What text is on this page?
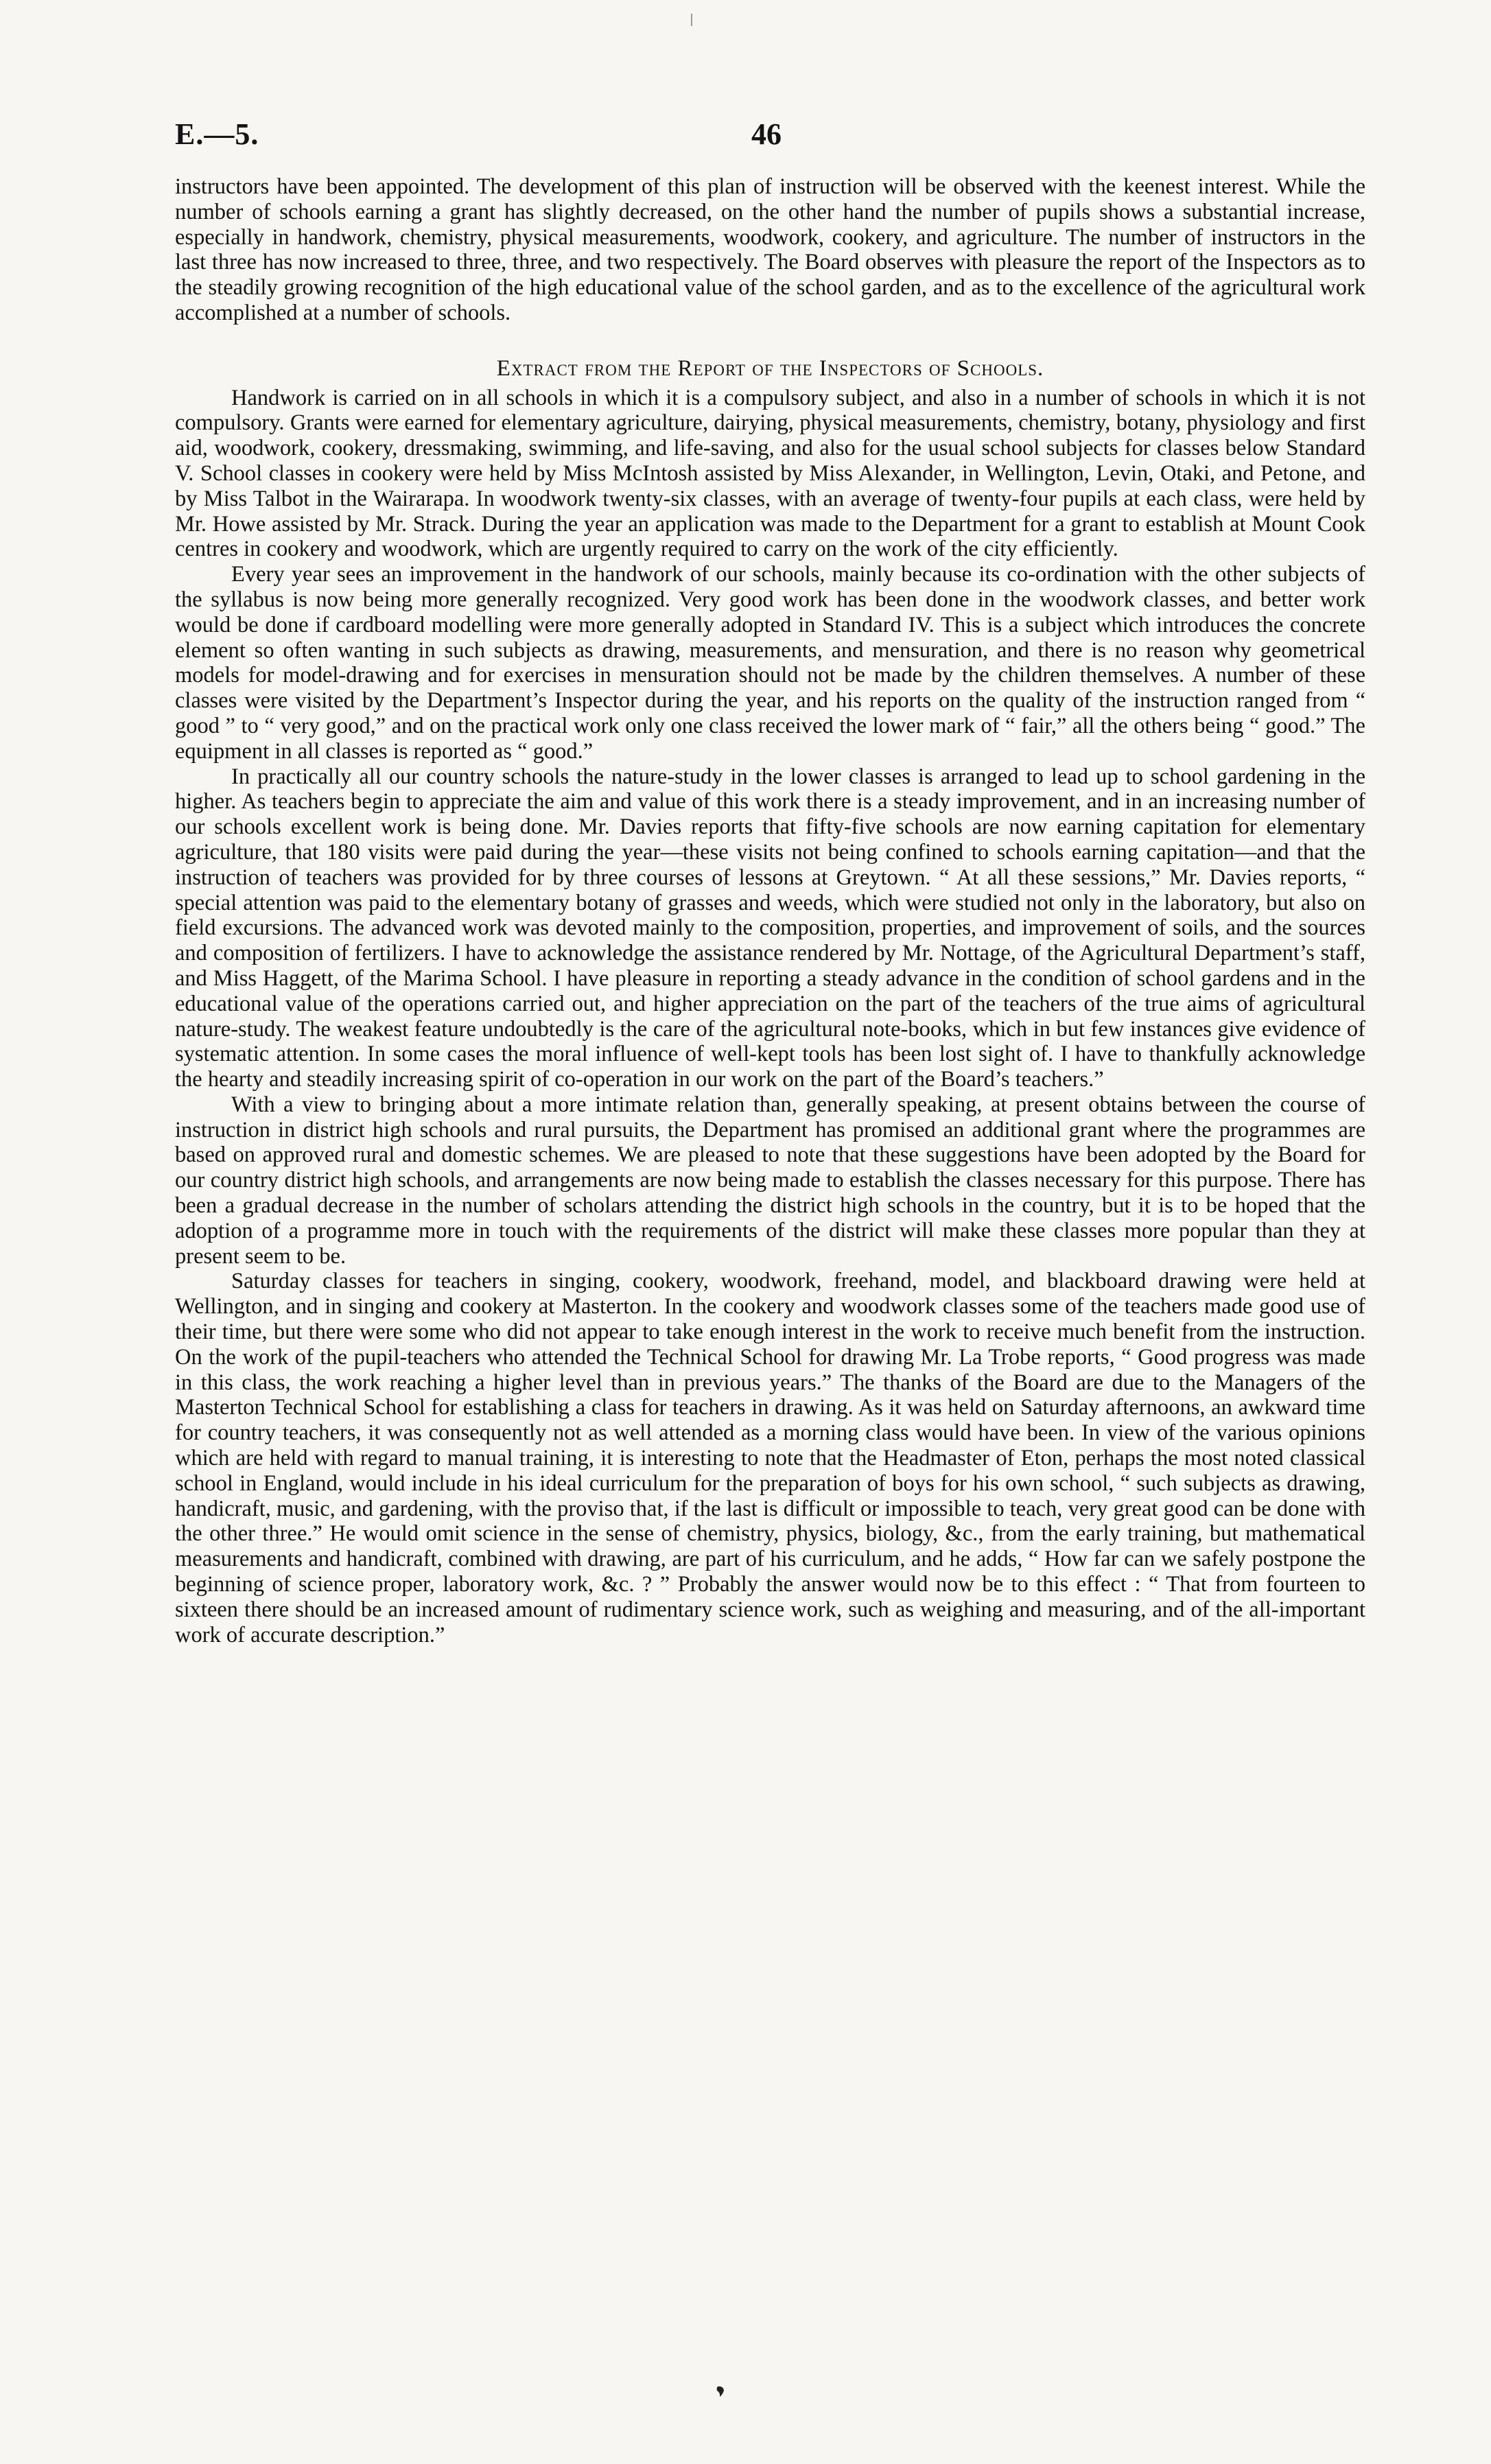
E.—5.	46

instructors have been appointed. The development of this plan of instruction will be observed with the keenest interest. While the number of schools earning a grant has slightly decreased, on the other hand the number of pupils shows a substantial increase, especially in handwork, chemistry, physical measurements, woodwork, cookery, and agriculture. The number of instructors in the last three has now increased to three, three, and two respectively. The Board observes with pleasure the report of the Inspectors as to the steadily growing recognition of the high educational value of the school garden, and as to the excellence of the agricultural work accomplished at a number of schools.

Extract from the Report of the Inspectors of Schools.

Handwork is carried on in all schools in which it is a compulsory subject, and also in a number of schools in which it is not compulsory. Grants were earned for elementary agriculture, dairying, physical measurements, chemistry, botany, physiology and first aid, woodwork, cookery, dressmaking, swimming, and life-saving, and also for the usual school subjects for classes below Standard V. School classes in cookery were held by Miss McIntosh assisted by Miss Alexander, in Wellington, Levin, Otaki, and Petone, and by Miss Talbot in the Wairarapa. In woodwork twenty-six classes, with an average of twenty-four pupils at each class, were held by Mr. Howe assisted by Mr. Strack. During the year an application was made to the Department for a grant to establish at Mount Cook centres in cookery and woodwork, which are urgently required to carry on the work of the city efficiently.

Every year sees an improvement in the handwork of our schools, mainly because its co-ordination with the other subjects of the syllabus is now being more generally recognized. Very good work has been done in the woodwork classes, and better work would be done if cardboard modelling were more generally adopted in Standard IV. This is a subject which introduces the concrete element so often wanting in such subjects as drawing, measurements, and mensuration, and there is no reason why geometrical models for model-drawing and for exercises in mensuration should not be made by the children themselves. A number of these classes were visited by the Department’s Inspector during the year, and his reports on the quality of the instruction ranged from “ good ” to “ very good,” and on the practical work only one class received the lower mark of “ fair,” all the others being “ good.” The equipment in all classes is reported as “ good.”

In practically all our country schools the nature-study in the lower classes is arranged to lead up to school gardening in the higher. As teachers begin to appreciate the aim and value of this work there is a steady improvement, and in an increasing number of our schools excellent work is being done. Mr. Davies reports that fifty-five schools are now earning capitation for elementary agriculture, that 180 visits were paid during the year—these visits not being confined to schools earning capitation—and that the instruction of teachers was provided for by three courses of lessons at Greytown. “ At all these sessions,” Mr. Davies reports, “ special attention was paid to the elementary botany of grasses and weeds, which were studied not only in the laboratory, but also on field excursions. The advanced work was devoted mainly to the composition, properties, and improvement of soils, and the sources and composition of fertilizers. I have to acknowledge the assistance rendered by Mr. Nottage, of the Agricultural Department’s staff, and Miss Haggett, of the Marima School. I have pleasure in reporting a steady advance in the condition of school gardens and in the educational value of the operations carried out, and higher appreciation on the part of the teachers of the true aims of agricultural nature-study. The weakest feature undoubtedly is the care of the agricultural note-books, which in but few instances give evidence of systematic attention. In some cases the moral influence of well-kept tools has been lost sight of. I have to thankfully acknowledge the hearty and steadily increasing spirit of co-operation in our work on the part of the Board’s teachers.”

With a view to bringing about a more intimate relation than, generally speaking, at present obtains between the course of instruction in district high schools and rural pursuits, the Department has promised an additional grant where the programmes are based on approved rural and domestic schemes. We are pleased to note that these suggestions have been adopted by the Board for our country district high schools, and arrangements are now being made to establish the classes necessary for this purpose. There has been a gradual decrease in the number of scholars attending the district high schools in the country, but it is to be hoped that the adoption of a programme more in touch with the requirements of the district will make these classes more popular than they at present seem to be.

Saturday classes for teachers in singing, cookery, woodwork, freehand, model, and blackboard drawing were held at Wellington, and in singing and cookery at Masterton. In the cookery and woodwork classes some of the teachers made good use of their time, but there were some who did not appear to take enough interest in the work to receive much benefit from the instruction. On the work of the pupil-teachers who attended the Technical School for drawing Mr. La Trobe reports, “ Good progress was made in this class, the work reaching a higher level than in previous years.” The thanks of the Board are due to the Managers of the Masterton Technical School for establishing a class for teachers in drawing. As it was held on Saturday afternoons, an awkward time for country teachers, it was consequently not as well attended as a morning class would have been. In view of the various opinions which are held with regard to manual training, it is interesting to note that the Headmaster of Eton, perhaps the most noted classical school in England, would include in his ideal curriculum for the preparation of boys for his own school, “ such subjects as drawing, handicraft, music, and gardening, with the proviso that, if the last is difficult or impossible to teach, very great good can be done with the other three.” He would omit science in the sense of chemistry, physics, biology, &c., from the early training, but mathematical measurements and handicraft, combined with drawing, are part of his curriculum, and he adds, “ How far can we safely postpone the beginning of science proper, laboratory work, &c. ? ” Probably the answer would now be to this effect : “ That from fourteen to sixteen there should be an increased amount of rudimentary science work, such as weighing and measuring, and of the all-important work of accurate description.”
